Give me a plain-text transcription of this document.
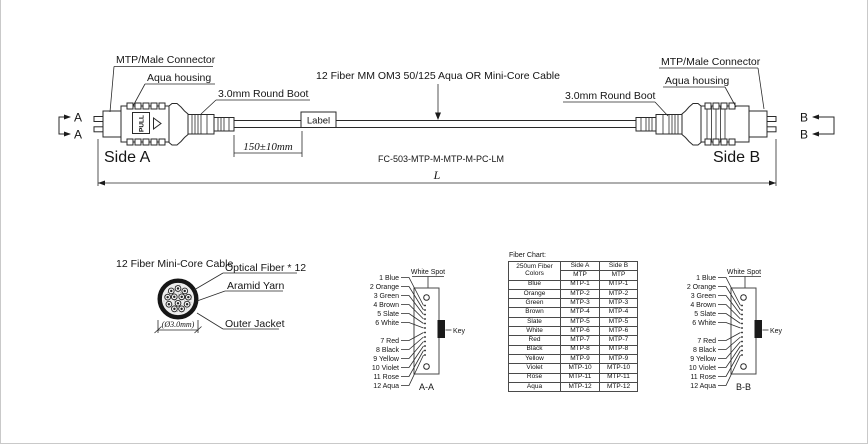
A
A
PULL	Label	B
B
MTP/Male Connector
Aqua housing
3.0mm Round Boot
12 Fiber MM OM3 50/125 Aqua OR Mini-Core Cable
MTP/Male Connector
Aqua housing
3.0mm Round Boot
Side A	Side B
150±10mm
FC-503-MTP-M-MTP-M-PC-LM
L
12 Fiber Mini-Core Cable
Optical Fiber * 12
Aramid Yarn
Outer Jacket
(Ø3.0mm)
1 Blue
2 Orange
3 Green
4 Brown
5 Slate
6 White
7 Red
8 Black
9 Yellow
10 Violet
11 Rose
12 Aqua
White Spot
Key
A-A
1 Blue
2 Orange
3 Green
4 Brown
5 Slate
6 White
7 Red
8 Black
9 Yellow
10 Violet
11 Rose
12 Aqua
White Spot
Key
B-B
Fiber Chart:
250um Fiber
Colors	Side A	Side B
	MTP	MTP
Blue	MTP-1	MTP-1
Orange	MTP-2	MTP-2
Green	MTP-3	MTP-3
Brown	MTP-4	MTP-4
Slate	MTP-5	MTP-5
White	MTP-6	MTP-6
Red	MTP-7	MTP-7
Black	MTP-8	MTP-8
Yellow	MTP-9	MTP-9
Violet	MTP-10	MTP-10
Rose	MTP-11	MTP-11
Aqua	MTP-12	MTP-12
